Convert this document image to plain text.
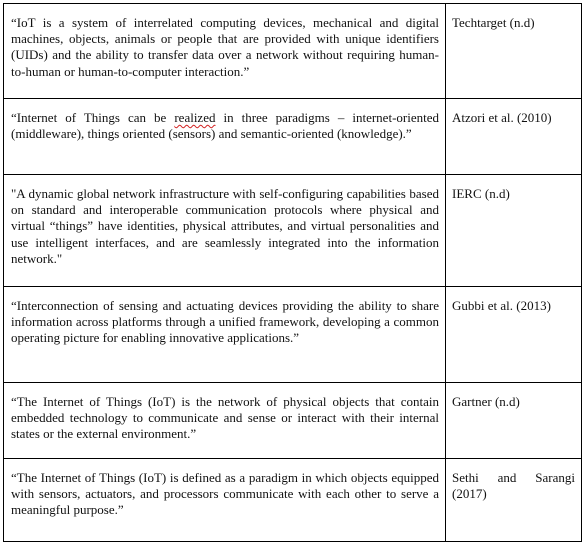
“IoT is a system of interrelated computing devices, mechanical and digital machines, objects, animals or people that are provided with unique identifiers (UIDs) and the ability to transfer data over a network without requiring human-to-human or human-to-computer interaction.”	Techtarget (n.d)
“Internet of Things can be realized in three paradigms – internet-oriented (middleware), things oriented (sensors) and semantic-oriented (knowledge).”	Atzori et al. (2010)
"A dynamic global network infrastructure with self-configuring capabilities based on standard and interoperable communication protocols where physical and virtual “things” have identities, physical attributes, and virtual personalities and use intelligent interfaces, and are seamlessly integrated into the information network."	IERC (n.d)
“Interconnection of sensing and actuating devices providing the ability to share information across platforms through a unified framework, developing a common operating picture for enabling innovative applications.”	Gubbi et al. (2013)
“The Internet of Things (IoT) is the network of physical objects that contain embedded technology to communicate and sense or interact with their internal states or the external environment.”	Gartner (n.d)
“The Internet of Things (IoT) is defined as a paradigm in which objects equipped with sensors, actuators, and processors communicate with each other to serve a meaningful purpose.”	Sethi and Sarangi (2017)
